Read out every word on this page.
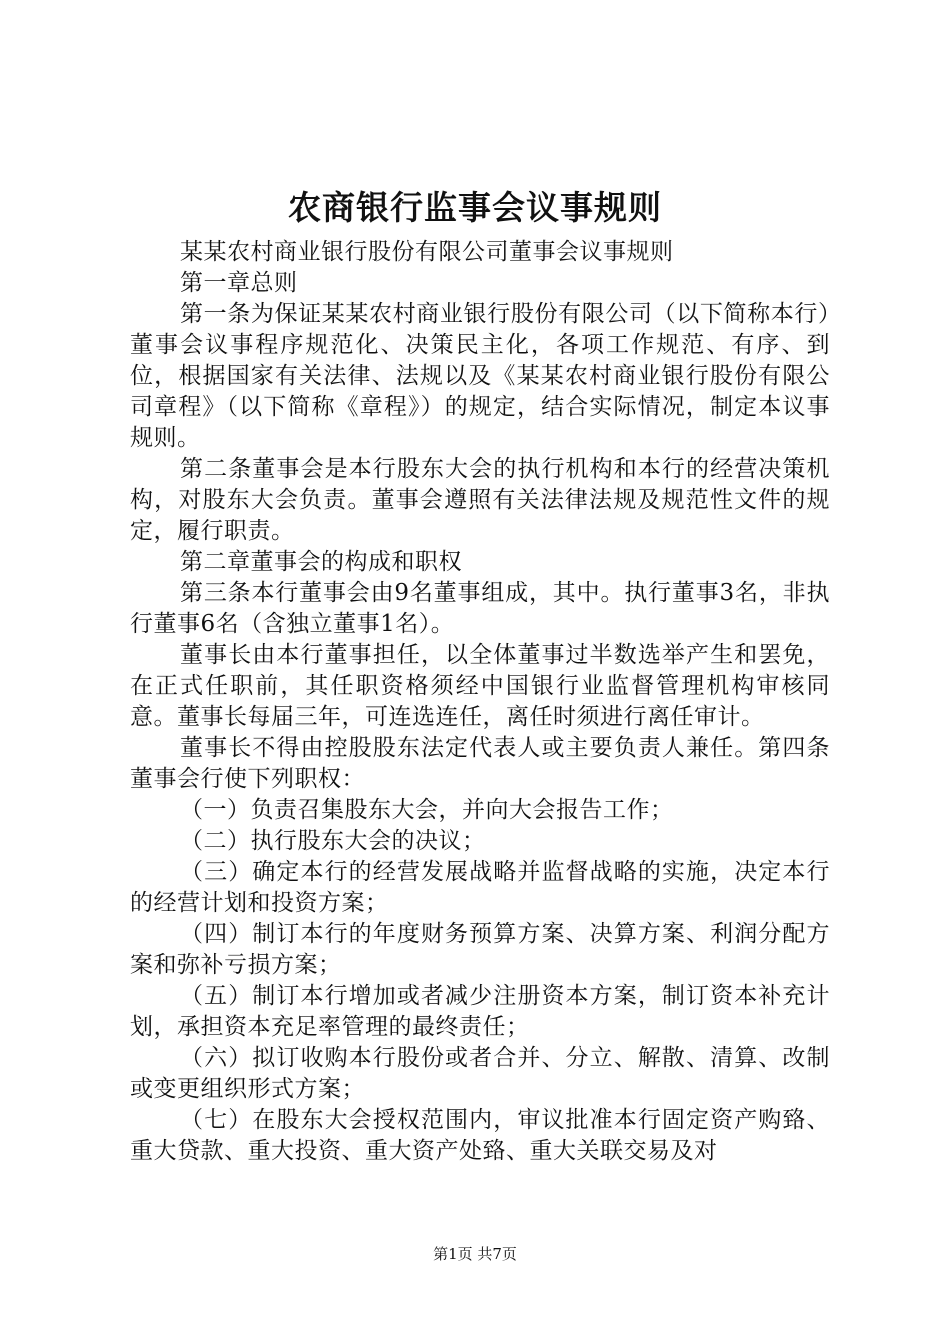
农商银行监事会议事规则

某某农村商业银行股份有限公司董事会议事规则

第一章总则

第一条为保证某某农村商业银行股份有限公司（以下简称本行）董事会议事程序规范化、决策民主化，各项工作规范、有序、到位，根据国家有关法律、法规以及《某某农村商业银行股份有限公司章程》（以下简称《章程》）的规定，结合实际情况，制定本议事规则。

第二条董事会是本行股东大会的执行机构和本行的经营决策机构，对股东大会负责。董事会遵照有关法律法规及规范性文件的规定，履行职责。

第二章董事会的构成和职权

第三条本行董事会由9名董事组成，其中。执行董事3名，非执行董事6名（含独立董事1名）。

董事长由本行董事担任，以全体董事过半数选举产生和罢免，在正式任职前，其任职资格须经中国银行业监督管理机构审核同意。董事长每届三年，可连选连任，离任时须进行离任审计。

董事长不得由控股股东法定代表人或主要负责人兼任。第四条董事会行使下列职权：

（一）负责召集股东大会，并向大会报告工作；

（二）执行股东大会的决议；

（三）确定本行的经营发展战略并监督战略的实施，决定本行的经营计划和投资方案；

（四）制订本行的年度财务预算方案、决算方案、利润分配方案和弥补亏损方案；

（五）制订本行增加或者减少注册资本方案，制订资本补充计划，承担资本充足率管理的最终责任；

（六）拟订收购本行股份或者合并、分立、解散、清算、改制或变更组织形式方案；

（七）在股东大会授权范围内，审议批准本行固定资产购臵、重大贷款、重大投资、重大资产处臵、重大关联交易及对

第1页 共7页
